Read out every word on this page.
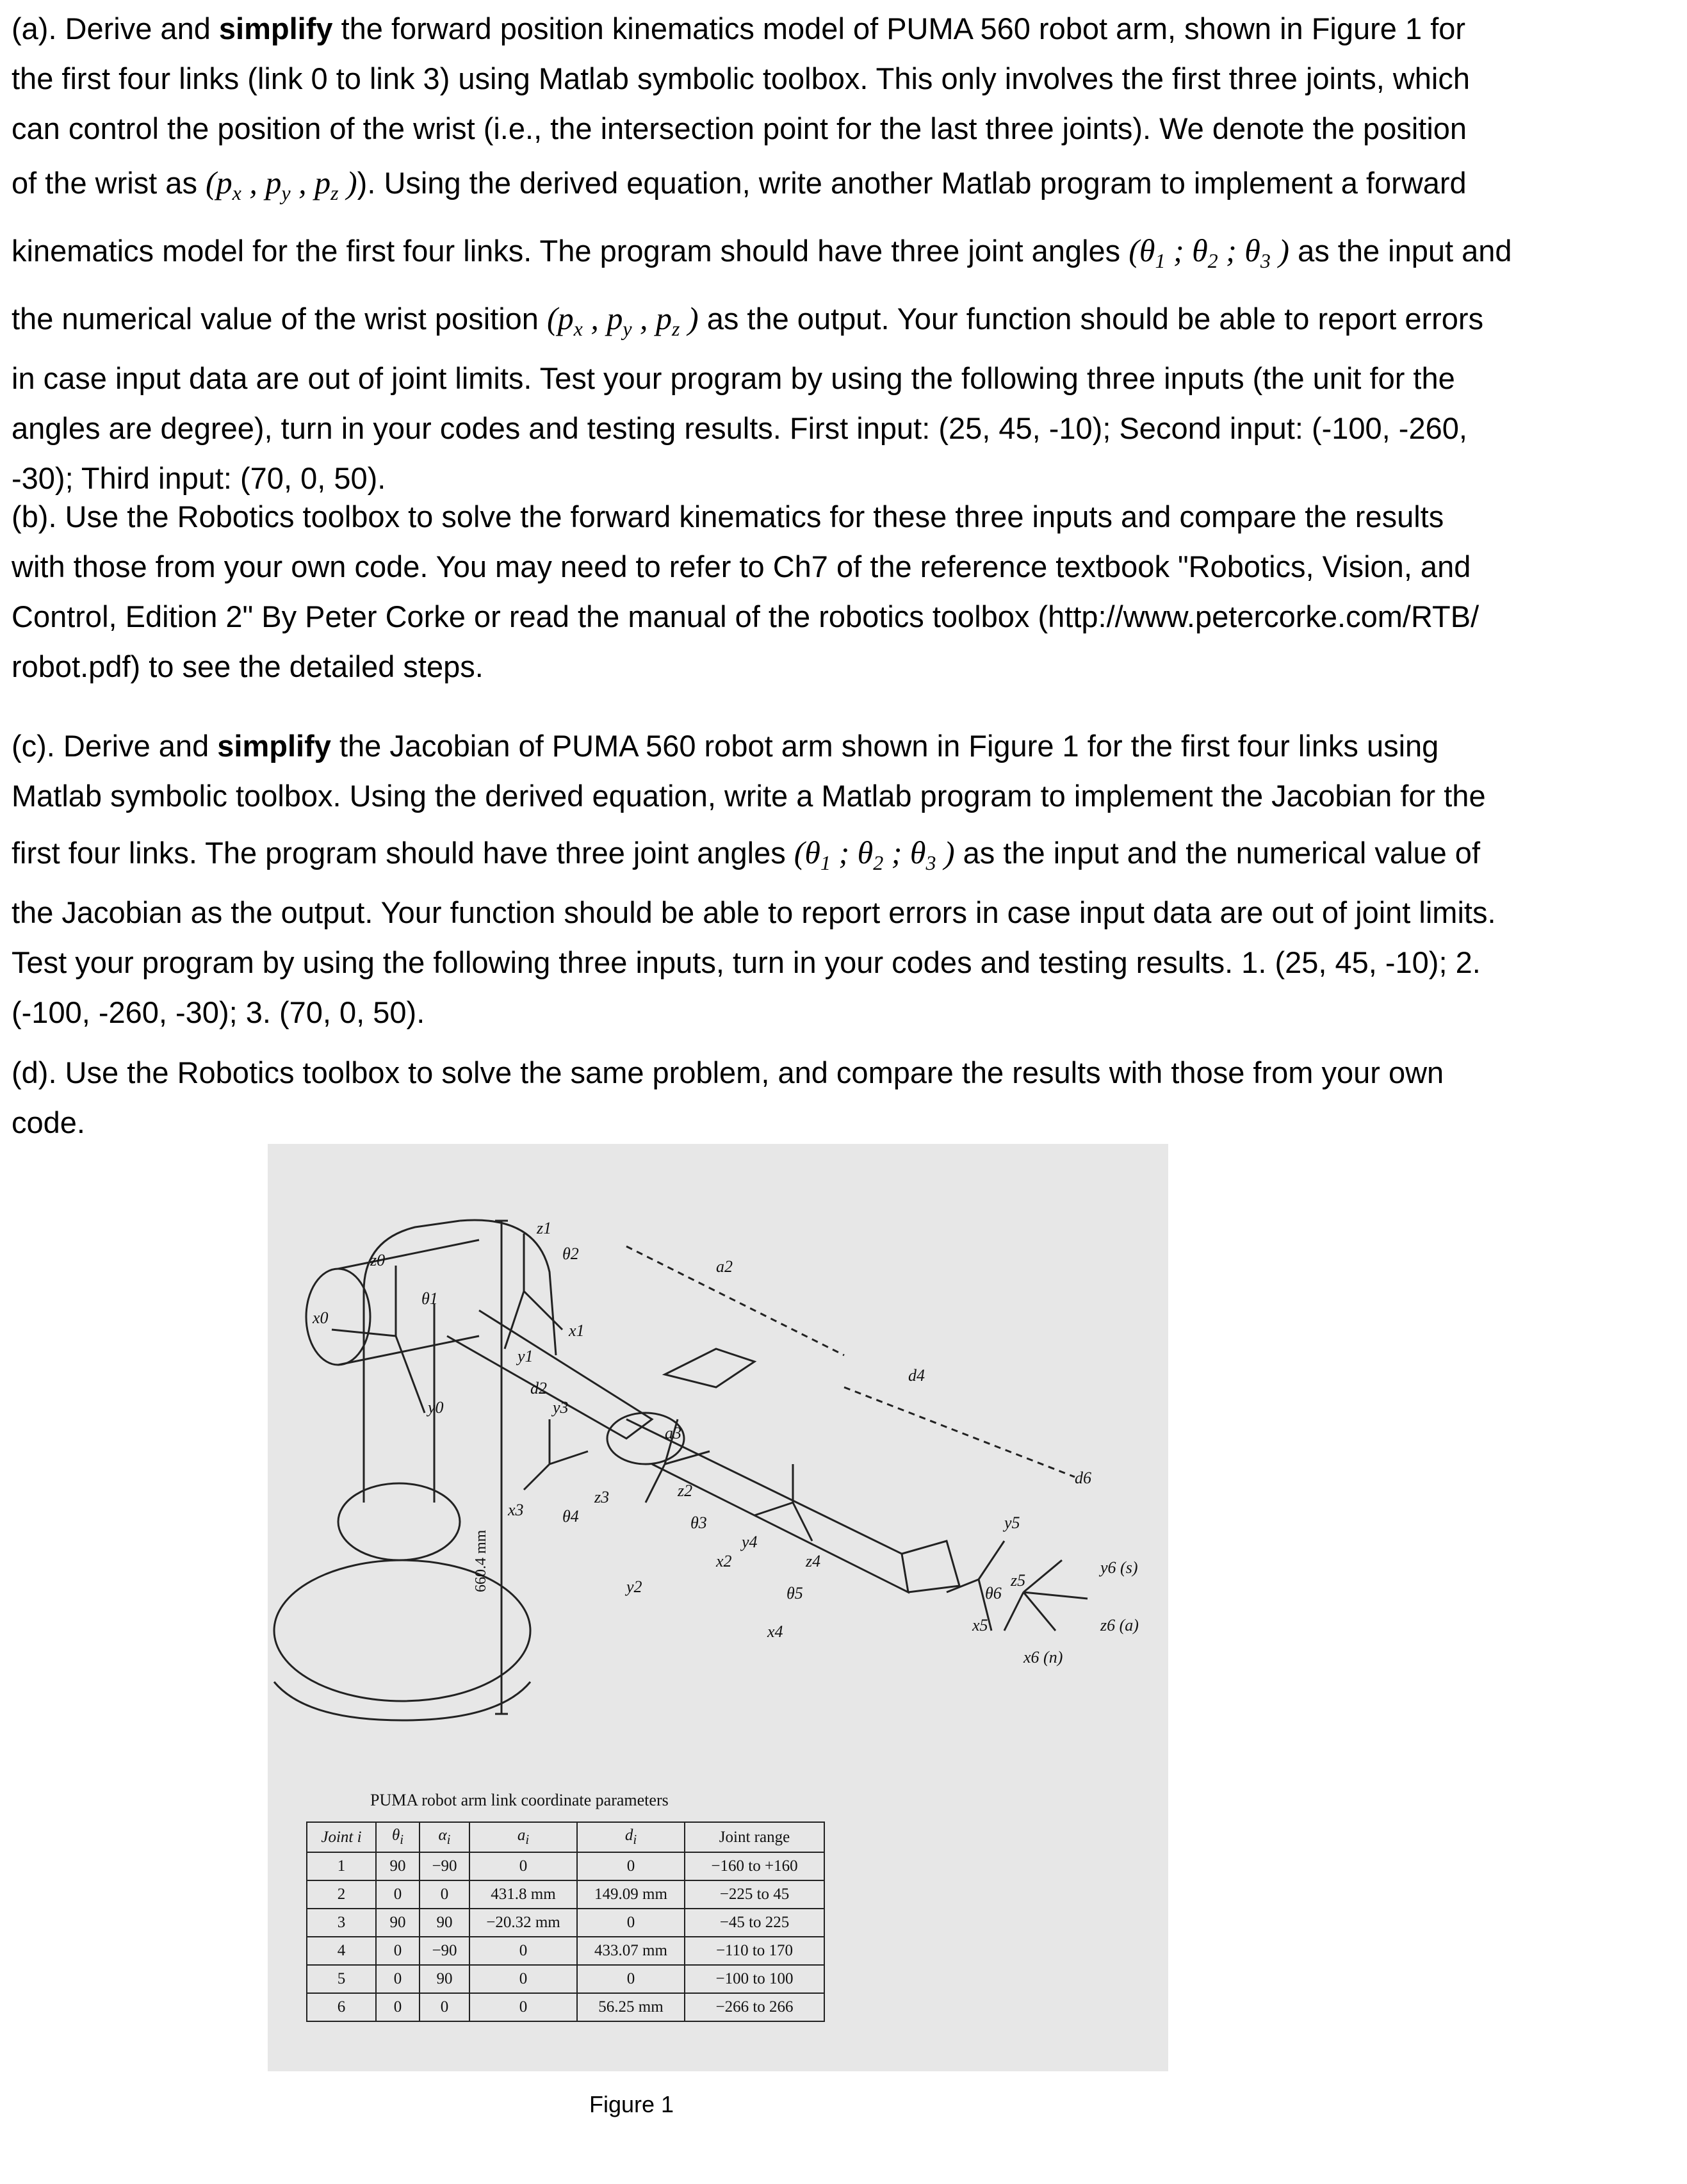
(a). Derive and simplify the forward position kinematics model of PUMA 560 robot arm, shown in Figure 1 for

the first four links (link 0 to link 3) using Matlab symbolic toolbox. This only involves the first three joints, which

can control the position of the wrist (i.e., the intersection point for the last three joints). We denote the position

of the wrist as ($p_x$ , $p_y$ , $p_z$ )). Using the derived equation, write another Matlab program to implement a forward

kinematics model for the first four links. The program should have three joint angles ($\theta_1$ ; $\theta_2$ ; $\theta_3$ ) as the input and

the numerical value of the wrist position ($p_x$ , $p_y$ , $p_z$ ) as the output. Your function should be able to report errors

in case input data are out of joint limits. Test your program by using the following three inputs (the unit for the

angles are degree), turn in your codes and testing results. First input: (25, 45, -10); Second input: (-100, -260,

-30); Third input: (70, 0, 50).

(b). Use the Robotics toolbox to solve the forward kinematics for these three inputs and compare the results

with those from your own code. You may need to refer to Ch7 of the reference textbook "Robotics, Vision, and

Control, Edition 2" By Peter Corke or read the manual of the robotics toolbox (http://www.petercorke.com/RTB/

robot.pdf) to see the detailed steps.

(c). Derive and simplify the Jacobian of PUMA 560 robot arm shown in Figure 1 for the first four links using

Matlab symbolic toolbox. Using the derived equation, write a Matlab program to implement the Jacobian for the

first four links. The program should have three joint angles ($\theta_1$ ; $\theta_2$ ; $\theta_3$ ) as the input and the numerical value of

the Jacobian as the output. Your function should be able to report errors in case input data are out of joint limits.

Test your program by using the following three inputs, turn in your codes and testing results. 1. (25, 45, -10); 2.

(-100, -260, -30); 3. (70, 0, 50).

(d). Use the Robotics toolbox to solve the same problem, and compare the results with those from your own

code.

z0
x0
y0
θ1
z1
θ2
x1
y1
d2
a2
d4
d6
y3
z3
x3 θ4
a3
z2
θ3
x2
y2
y4
z4
θ5
x4
y5
z5
θ6
x5
y6 (s)
z6 (a)
x6 (n)
660.4 mm
PUMA robot arm link coordinate parameters
Joint i	$\theta_i$	$\alpha_i$	$a_i$	$d_i$	Joint range
1	90	−90	0	0	−160 to +160
2	0	0	431.8 mm	149.09 mm	−225 to 45
3	90	90	−20.32 mm	0	−45 to 225
4	0	−90	0	433.07 mm	−110 to 170
5	0	90	0	0	−100 to 100
6	0	0	0	56.25 mm	−266 to 266
Figure 1
